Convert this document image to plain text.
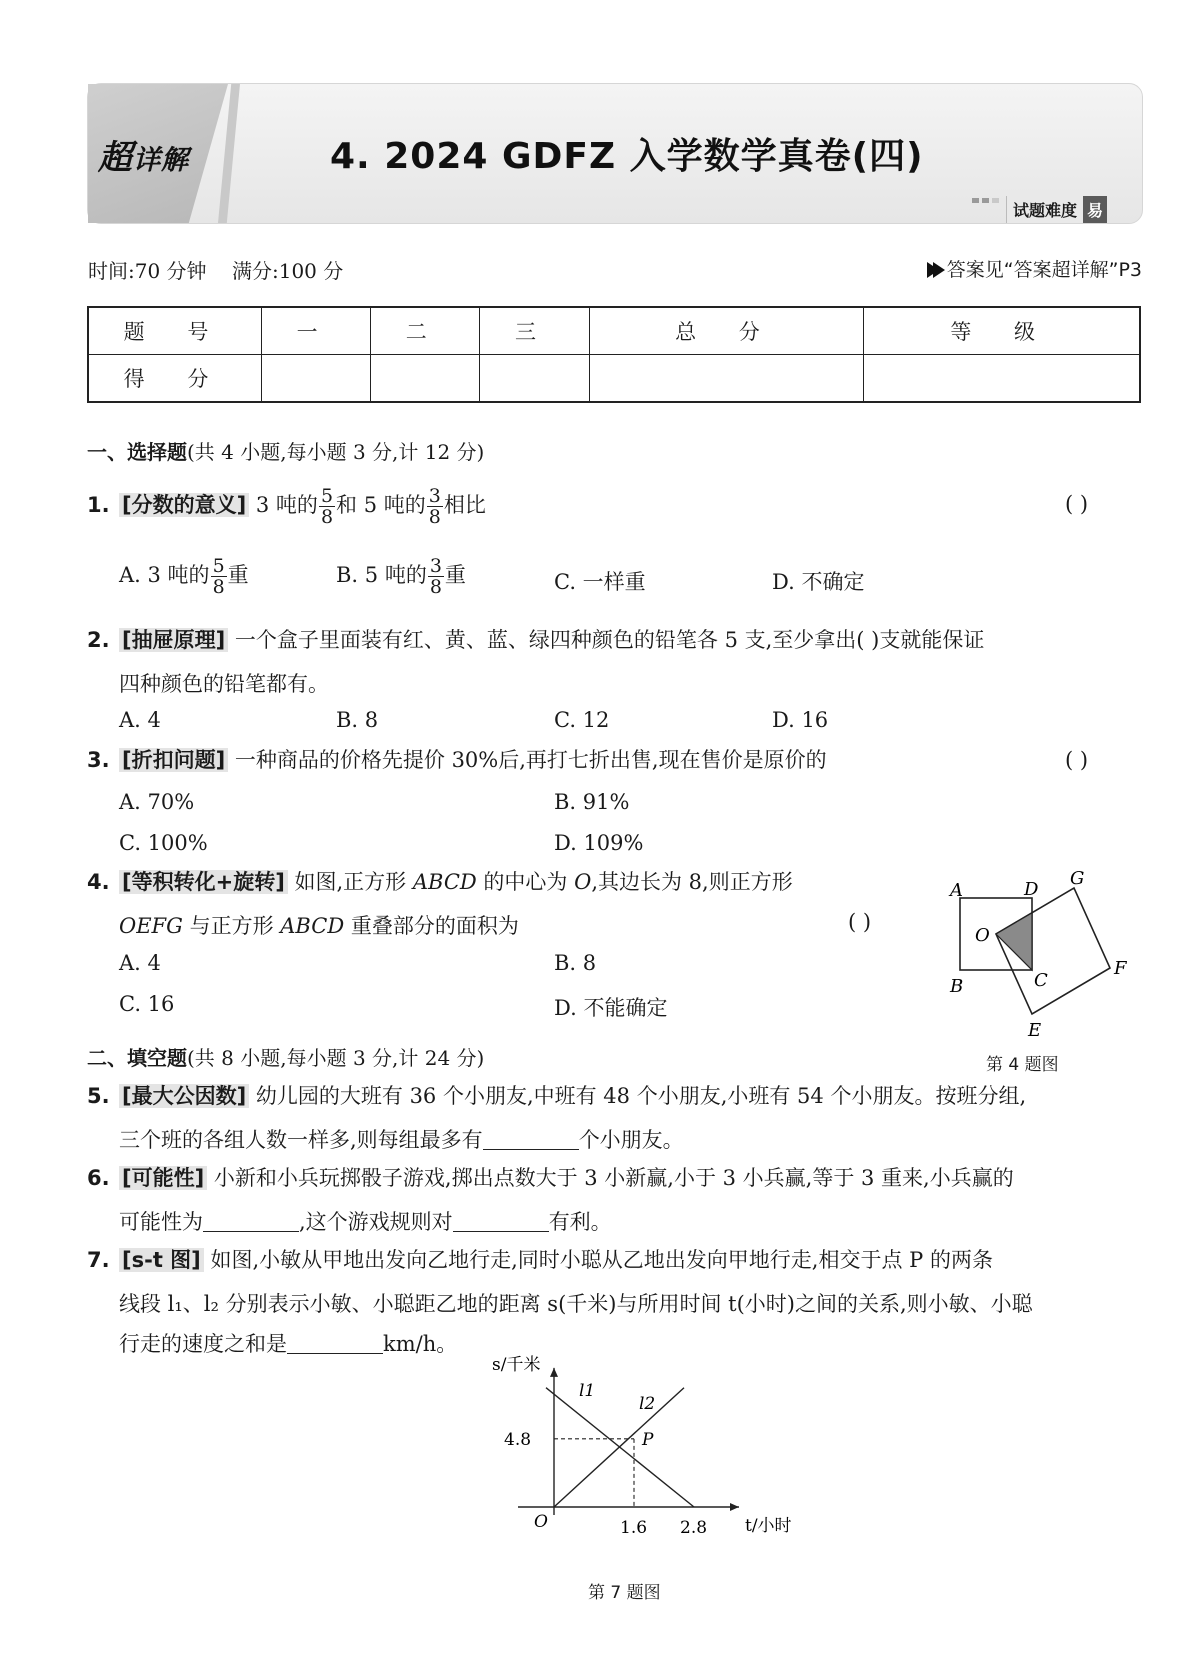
超详解	4. 2024 GDFZ 入学数学真卷(四)
试题难度 易
时间:70 分钟 满分:100 分	答案见“答案超详解”P3
题 号	一	二	三	总 分	等 级
得 分					
一、选择题(共 4 小题,每小题 3 分,计 12 分)
1. [分数的意义] 3 吨的 $\frac{5}{8}$ 和 5 吨的 $\frac{3}{8}$ 相比	( )
A. 3 吨的 $\frac{5}{8}$ 重	B. 5 吨的 $\frac{3}{8}$ 重	C. 一样重	D. 不确定
2. [抽屉原理] 一个盒子里面装有红、黄、蓝、绿四种颜色的铅笔各 5 支,至少拿出( )支就能保证
四种颜色的铅笔都有。
A. 4	B. 8	C. 12	D. 16
3. [折扣问题] 一种商品的价格先提价 30%后,再打七折出售,现在售价是原价的	( )
A. 70%	B. 91%
C. 100%	D. 109%
4. [等积转化+旋转] 如图,正方形 ABCD 的中心为 O,其边长为 8,则正方形
OEFG 与正方形 ABCD 重叠部分的面积为	( )
A. 4	B. 8
C. 16	D. 不能确定
A	D
G
O
B	C
F
E
第 4 题图
二、填空题(共 8 小题,每小题 3 分,计 24 分)
5. [最大公因数] 幼儿园的大班有 36 个小朋友,中班有 48 个小朋友,小班有 54 个小朋友。按班分组,
三个班的各组人数一样多,则每组最多有	个小朋友。
6. [可能性] 小新和小兵玩掷骰子游戏,掷出点数大于 3 小新赢,小于 3 小兵赢,等于 3 重来,小兵赢的
可能性为	,这个游戏规则对	有利。
7. [s-t 图] 如图,小敏从甲地出发向乙地行走,同时小聪从乙地出发向甲地行走,相交于点 P 的两条
线段 l₁、l₂ 分别表示小敏、小聪距乙地的距离 s(千米)与所用时间 t(小时)之间的关系,则小敏、小聪
行走的速度之和是	km/h。
s/千米
t/小时
O	1.6 2.8
4.8	P
l1
l2
第 7 题图
